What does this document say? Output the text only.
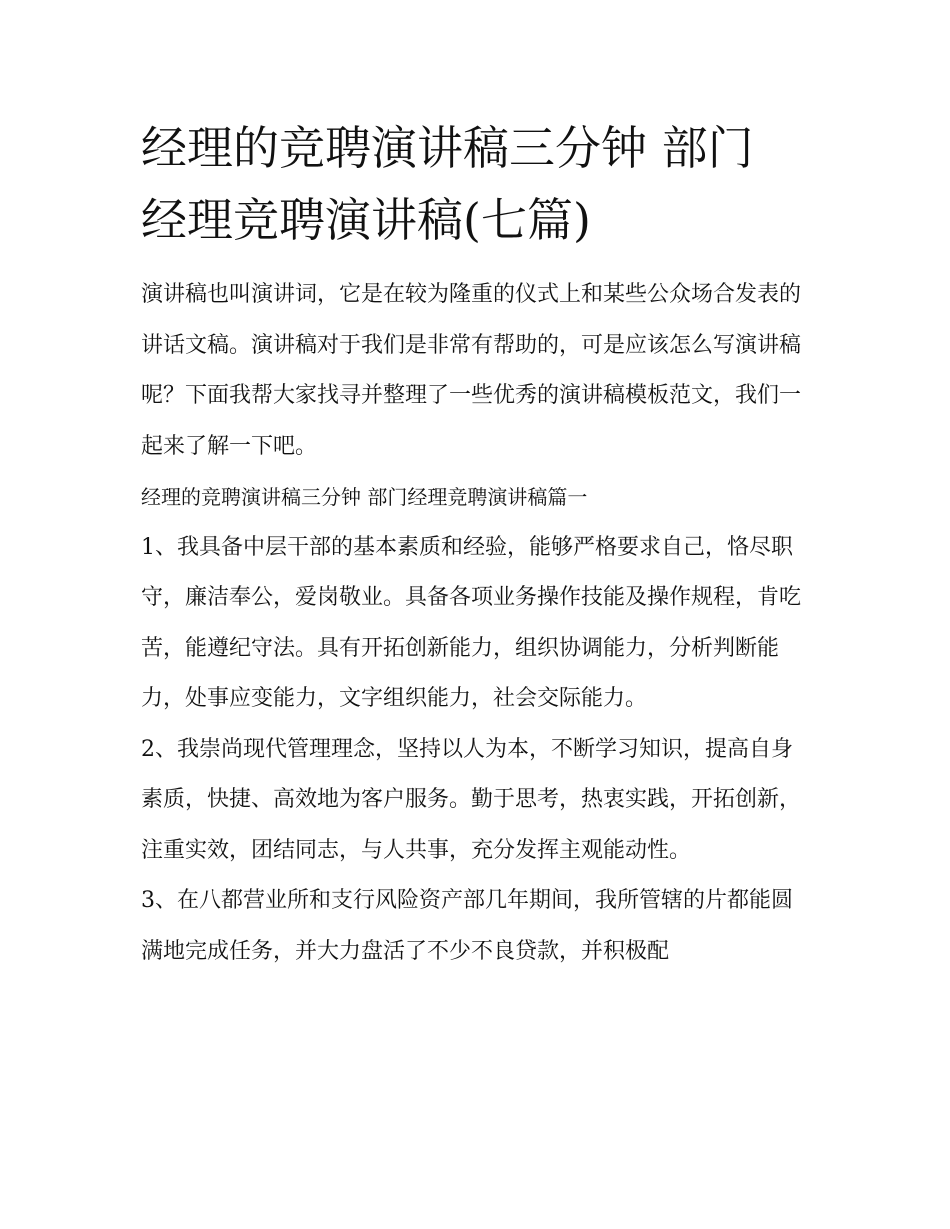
经理的竞聘演讲稿三分钟 部门
经理竞聘演讲稿(七篇)

演讲稿也叫演讲词，它是在较为隆重的仪式上和某些公众场合发表的讲话文稿。演讲稿对于我们是非常有帮助的，可是应该怎么写演讲稿呢？下面我帮大家找寻并整理了一些优秀的演讲稿模板范文，我们一起来了解一下吧。

经理的竞聘演讲稿三分钟 部门经理竞聘演讲稿篇一

1、我具备中层干部的基本素质和经验，能够严格要求自己，恪尽职守，廉洁奉公，爱岗敬业。具备各项业务操作技能及操作规程，肯吃苦，能遵纪守法。具有开拓创新能力，组织协调能力，分析判断能力，处事应变能力，文字组织能力，社会交际能力。

2、我崇尚现代管理理念，坚持以人为本，不断学习知识，提高自身素质，快捷、高效地为客户服务。勤于思考，热衷实践，开拓创新，注重实效，团结同志，与人共事，充分发挥主观能动性。

3、在八都营业所和支行风险资产部几年期间，我所管辖的片都能圆满地完成任务，并大力盘活了不少不良贷款，并积极配
